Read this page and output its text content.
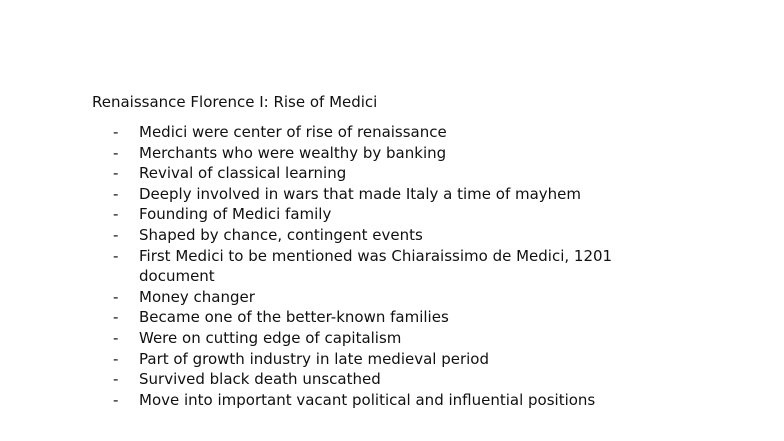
Renaissance Florence I: Rise of Medici
-	Medici were center of rise of renaissance
-	Merchants who were wealthy by banking
-	Revival of classical learning
-	Deeply involved in wars that made Italy a time of mayhem
-	Founding of Medici family
-	Shaped by chance, contingent events
-	First Medici to be mentioned was Chiaraissimo de Medici, 1201 document
-	Money changer
-	Became one of the better-known families
-	Were on cutting edge of capitalism
-	Part of growth industry in late medieval period
-	Survived black death unscathed
-	Move into important vacant political and influential positions
